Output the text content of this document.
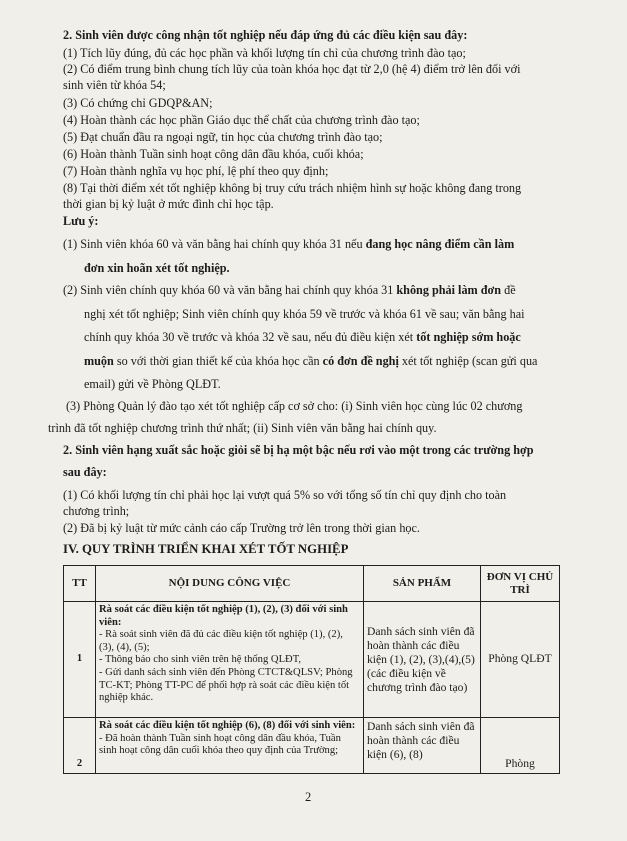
2. Sinh viên được công nhận tốt nghiệp nếu đáp ứng đủ các điều kiện sau đây:
(1) Tích lũy đúng, đủ các học phần và khối lượng tín chỉ của chương trình đào tạo;
(2) Có điểm trung bình chung tích lũy của toàn khóa học đạt từ 2,0 (hệ 4) điểm trở lên đối với
sinh viên từ khóa 54;
(3) Có chứng chỉ GDQP&AN;
(4) Hoàn thành các học phần Giáo dục thể chất của chương trình đào tạo;
(5) Đạt chuẩn đầu ra ngoại ngữ, tin học của chương trình đào tạo;
(6) Hoàn thành Tuần sinh hoạt công dân đầu khóa, cuối khóa;
(7) Hoàn thành nghĩa vụ học phí, lệ phí theo quy định;
(8) Tại thời điểm xét tốt nghiệp không bị truy cứu trách nhiệm hình sự hoặc không đang trong
thời gian bị kỷ luật ở mức đình chỉ học tập.
Lưu ý:
(1) Sinh viên khóa 60 và văn bằng hai chính quy khóa 31 nếu đang học nâng điểm cần làm
đơn xin hoãn xét tốt nghiệp.
(2) Sinh viên chính quy khóa 60 và văn bằng hai chính quy khóa 31 không phải làm đơn đề
nghị xét tốt nghiệp; Sinh viên chính quy khóa 59 về trước và khóa 61 về sau; văn bằng hai
chính quy khóa 30 về trước và khóa 32 về sau, nếu đủ điều kiện xét tốt nghiệp sớm hoặc
muộn so với thời gian thiết kế của khóa học cần có đơn đề nghị xét tốt nghiệp (scan gửi qua
email) gửi về Phòng QLĐT.
(3) Phòng Quản lý đào tạo xét tốt nghiệp cấp cơ sở cho: (i) Sinh viên học cùng lúc 02 chương
trình đã tốt nghiệp chương trình thứ nhất; (ii) Sinh viên văn bằng hai chính quy.
2. Sinh viên hạng xuất sắc hoặc giỏi sẽ bị hạ một bậc nếu rơi vào một trong các trường hợp
sau đây:
(1) Có khối lượng tín chỉ phải học lại vượt quá 5% so với tổng số tín chỉ quy định cho toàn
chương trình;
(2) Đã bị kỷ luật từ mức cảnh cáo cấp Trường trở lên trong thời gian học.
IV. QUY TRÌNH TRIỂN KHAI XÉT TỐT NGHIỆP
TT	NỘI DUNG CÔNG VIỆC	SẢN PHẨM	ĐƠN VỊ CHỦ TRÌ
1	Rà soát các điều kiện tốt nghiệp (1), (2), (3) đối với sinh viên:
- Rà soát sinh viên đã đủ các điều kiện tốt nghiệp (1), (2), (3), (4), (5);
- Thông báo cho sinh viên trên hệ thống QLĐT,
- Gửi danh sách sinh viên đến Phòng CTCT&QLSV; Phòng TC-KT; Phòng TT-PC để phối hợp rà soát các điều kiện tốt nghiệp khác.	Danh sách sinh viên đã hoàn thành các điều kiện (1), (2), (3),(4),(5) (các điều kiện về chương trình đào tạo)	Phòng QLĐT
2	Rà soát các điều kiện tốt nghiệp (6), (8) đối với sinh viên:
- Đã hoàn thành Tuần sinh hoạt công dân đầu khóa, Tuần sinh hoạt công dân cuối khóa theo quy định của Trường;	Danh sách sinh viên đã hoàn thành các điều kiện (6), (8)	Phòng
2
